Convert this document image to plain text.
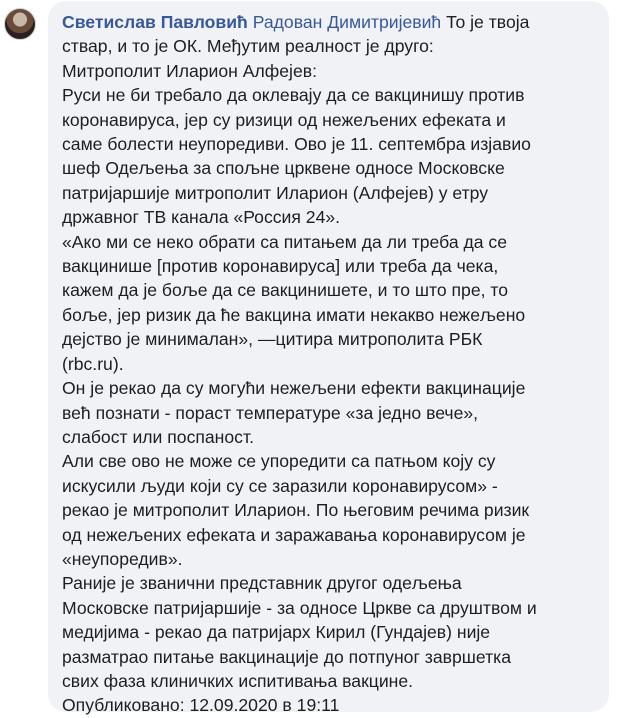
Светислав Павловић Радован Димитријевић То је твоја
ствар, и то је ОК. Међутим реалност је друго:
Митрополит Иларион Алфејев:
Руси не би требало да оклевају да се вакцинишу против
коронавируса, јер су ризици од нежељених ефеката и
саме болести неупоредиви. Ово је 11. септембра изјавио
шеф Одељења за спољне црквене односе Московске
патријаршије митрополит Иларион (Алфејев) у етру
државног ТВ канала «Россия 24».
«Ако ми се неко обрати са питањем да ли треба да се
вакцинише [против коронавируса] или треба да чека,
кажем да је боље да се вакцинишете, и то што пре, то
боље, јер ризик да ће вакцина имати некакво нежељено
дејство је минималан», —цитира митрополита РБК
(rbc.ru).
Он је рекао да су могући нежељени ефекти вакцинације
већ познати - пораст температуре «за једно вече»,
слабост или поспаност.
Али све ово не може се упоредити са патњом коју су
искусили људи који су се заразили коронавирусом» -
рекао је митрополит Иларион. По његовим речима ризик
од нежељених ефеката и заражавања коронавирусом је
«неупоредив».
Раније је званични представник другог одељења
Московске патријаршије - за односе Цркве са друштвом и
медијима - рекао да патријарх Кирил (Гундајев) није
разматрао питање вакцинације до потпуног завршетка
свих фаза клиничких испитивања вакцине.
Опубликовано: 12.09.2020 в 19:11
